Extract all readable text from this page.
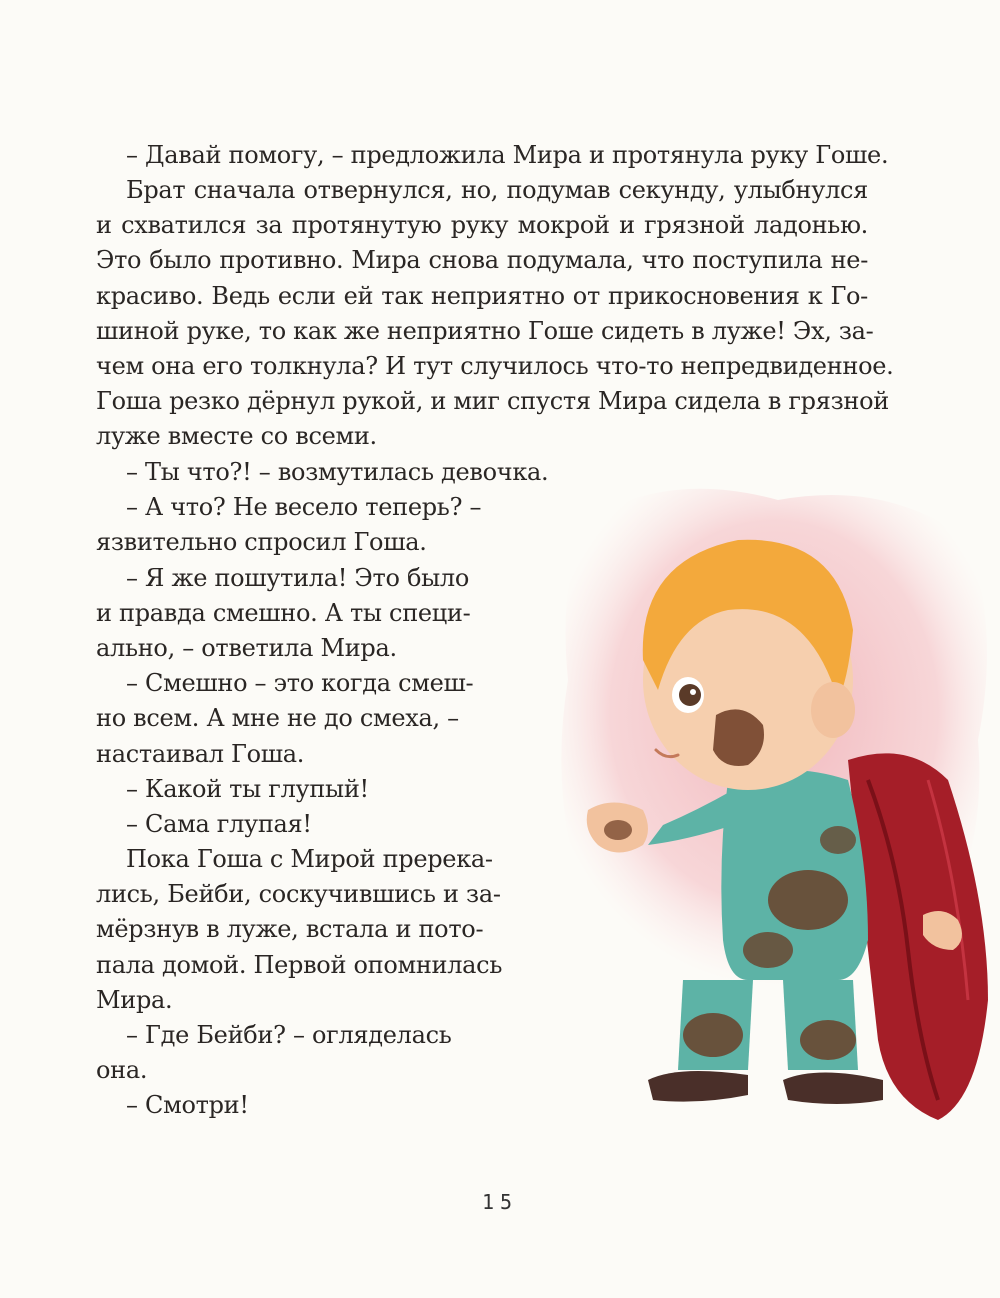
– Давай помогу, – предложила Мира и протянула руку Гоше.
Брат сначала отвернулся, но, подумав секунду, улыбнулся
и схватился за протянутую руку мокрой и грязной ладонью.
Это было противно. Мира снова подумала, что поступила не-
красиво. Ведь если ей так неприятно от прикосновения к Го-
шиной руке, то как же неприятно Гоше сидеть в луже! Эх, за-
чем она его толкнула? И тут случилось что-то непредвиденное.
Гоша резко дёрнул рукой, и миг спустя Мира сидела в грязной
луже вместе со всеми.
– Ты что?! – возмутилась девочка.
– А что? Не весело теперь? –
язвительно спросил Гоша.
– Я же пошутила! Это было
и правда смешно. А ты специ-
ально, – ответила Мира.
– Смешно – это когда смеш-
но всем. А мне не до смеха, –
настаивал Гоша.
– Какой ты глупый!
– Сама глупая!
Пока Гоша с Мирой пререка-
лись, Бейби, соскучившись и за-
мёрзнув в луже, встала и пото-
пала домой. Первой опомнилась
Мира.
– Где Бейби? – огляделась
она.
– Смотри!
15
